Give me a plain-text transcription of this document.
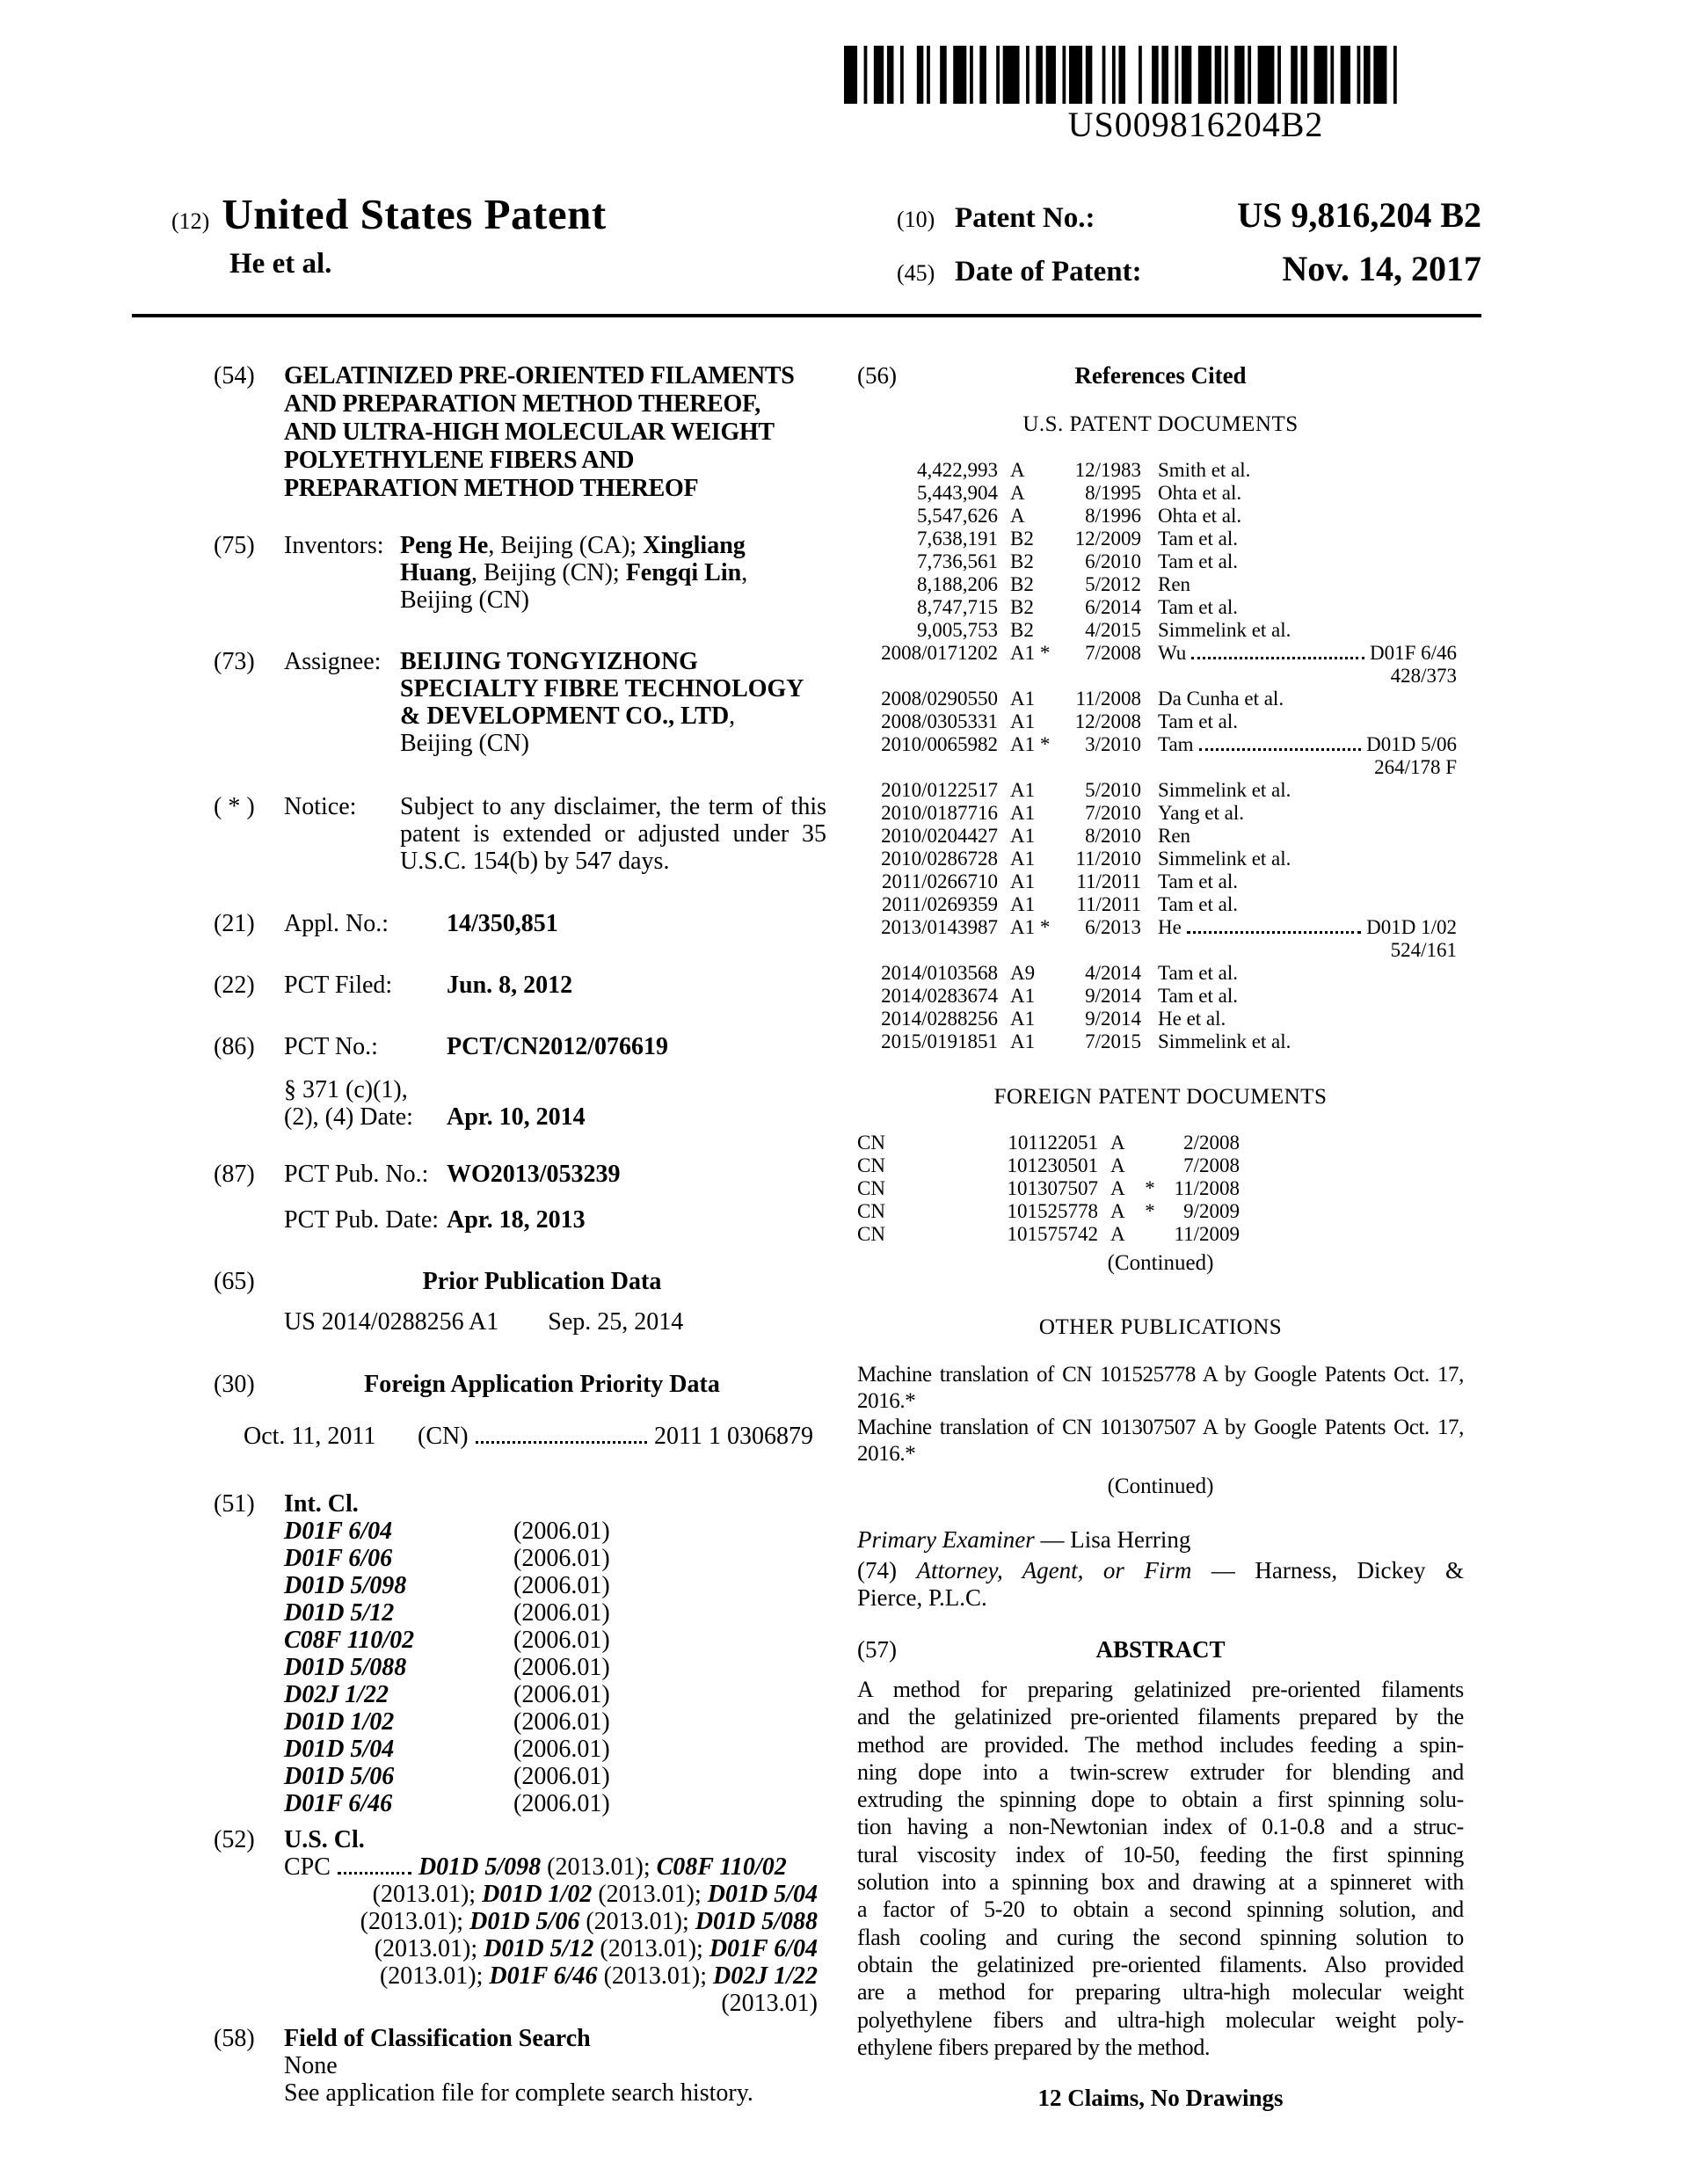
US009816204B2
(12) United States Patent
He et al.
(10) Patent No.:	US 9,816,204 B2
(45) Date of Patent:	Nov. 14, 2017
(54)	GELATINIZED PRE-ORIENTED FILAMENTS
AND PREPARATION METHOD THEREOF,
AND ULTRA-HIGH MOLECULAR WEIGHT
POLYETHYLENE FIBERS AND
PREPARATION METHOD THEREOF
(75)	Inventors: Peng He, Beijing (CA); Xingliang
Huang, Beijing (CN); Fengqi Lin,
Beijing (CN)
(73)	Assignee: BEIJING TONGYIZHONG
SPECIALTY FIBRE TECHNOLOGY
& DEVELOPMENT CO., LTD,
Beijing (CN)
( * )	Notice:	Subject to any disclaimer, the term of this
patent is extended or adjusted under 35
U.S.C. 154(b) by 547 days.
(21)	Appl. No.:	14/350,851
(22)	PCT Filed:	Jun. 8, 2012
(86)	PCT No.:	PCT/CN2012/076619
§ 371 (c)(1),
(2), (4) Date:	Apr. 10, 2014
(87)	PCT Pub. No.: WO2013/053239
PCT Pub. Date: Apr. 18, 2013
(65)	Prior Publication Data
US 2014/0288256 A1 Sep. 25, 2014
(30)	Foreign Application Priority Data
Oct. 11, 2011	(CN)	2011 1 0306879
(51)	Int. Cl.
D01F 6/04	(2006.01)
D01F 6/06	(2006.01)
D01D 5/098	(2006.01)
D01D 5/12	(2006.01)
C08F 110/02	(2006.01)
D01D 5/088	(2006.01)
D02J 1/22	(2006.01)
D01D 1/02	(2006.01)
D01D 5/04	(2006.01)
D01D 5/06	(2006.01)
D01F 6/46	(2006.01)
(52)	U.S. Cl.
CPC	D01D 5/098 (2013.01); C08F 110/02
(2013.01); D01D 1/02 (2013.01); D01D 5/04
(2013.01); D01D 5/06 (2013.01); D01D 5/088
(2013.01); D01D 5/12 (2013.01); D01F 6/04
(2013.01); D01F 6/46 (2013.01); D02J 1/22
(2013.01)
(58)	Field of Classification Search
None
See application file for complete search history.
(56)	References Cited
U.S. PATENT DOCUMENTS
4,422,993 A	12/1983 Smith et al.
5,443,904 A	8/1995 Ohta et al.
5,547,626 A	8/1996 Ohta et al.
7,638,191 B2	12/2009 Tam et al.
7,736,561 B2	6/2010 Tam et al.
8,188,206 B2	5/2012 Ren
8,747,715 B2	6/2014 Tam et al.
9,005,753 B2	4/2015 Simmelink et al.
2008/0171202 A1 *	7/2008 Wu	D01F 6/46
428/373
2008/0290550 A1	11/2008 Da Cunha et al.
2008/0305331 A1	12/2008 Tam et al.
2010/0065982 A1 *	3/2010 Tam	D01D 5/06
264/178 F
2010/0122517 A1	5/2010 Simmelink et al.
2010/0187716 A1	7/2010 Yang et al.
2010/0204427 A1	8/2010 Ren
2010/0286728 A1	11/2010 Simmelink et al.
2011/0266710 A1	11/2011 Tam et al.
2011/0269359 A1	11/2011 Tam et al.
2013/0143987 A1 *	6/2013 He	D01D 1/02
524/161
2014/0103568 A9	4/2014 Tam et al.
2014/0283674 A1	9/2014 Tam et al.
2014/0288256 A1	9/2014 He et al.
2015/0191851 A1	7/2015 Simmelink et al.
FOREIGN PATENT DOCUMENTS
CN	101122051 A	2/2008
CN	101230501 A	7/2008
CN	101307507 A * 11/2008
CN	101525778 A *	9/2009
CN	101575742 A	11/2009
(Continued)
OTHER PUBLICATIONS
Machine translation of CN 101525778 A by Google Patents Oct. 17,
2016.*
Machine translation of CN 101307507 A by Google Patents Oct. 17,
2016.*
(Continued)
Primary Examiner — Lisa Herring
(74) Attorney, Agent, or Firm — Harness, Dickey &
Pierce, P.L.C.
(57)	ABSTRACT
A method for preparing gelatinized pre-oriented filaments
and the gelatinized pre-oriented filaments prepared by the
method are provided. The method includes feeding a spin-
ning dope into a twin-screw extruder for blending and
extruding the spinning dope to obtain a first spinning solu-
tion having a non-Newtonian index of 0.1-0.8 and a struc-
tural viscosity index of 10-50, feeding the first spinning
solution into a spinning box and drawing at a spinneret with
a factor of 5-20 to obtain a second spinning solution, and
flash cooling and curing the second spinning solution to
obtain the gelatinized pre-oriented filaments. Also provided
are a method for preparing ultra-high molecular weight
polyethylene fibers and ultra-high molecular weight poly-
ethylene fibers prepared by the method.
12 Claims, No Drawings
